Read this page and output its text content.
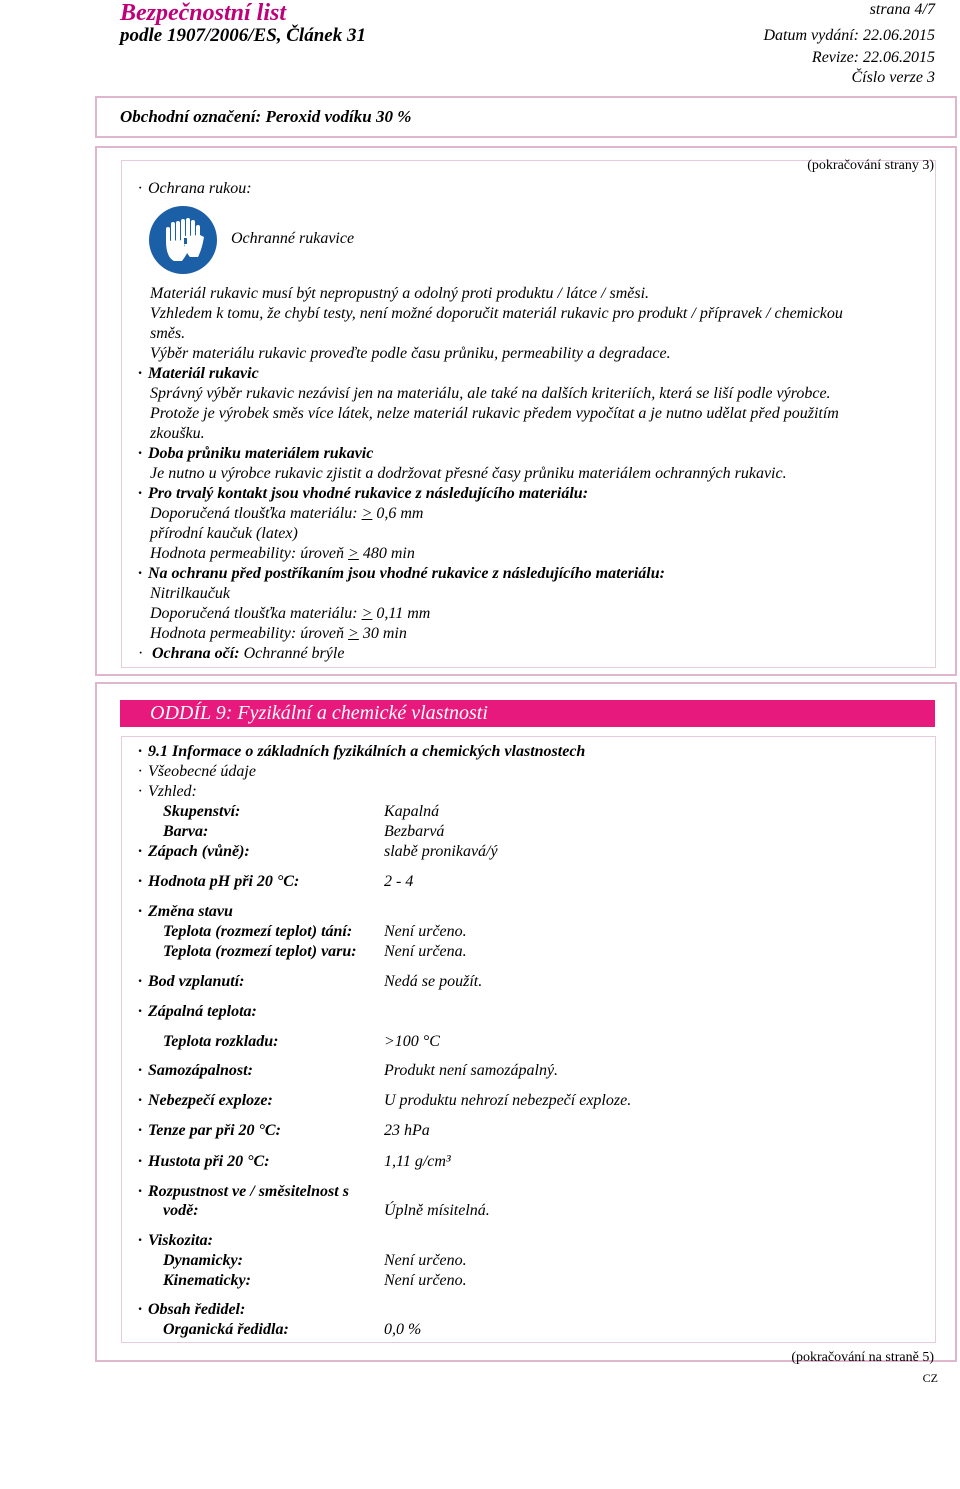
Bezpečnostní list
podle 1907/2006/ES, Článek 31
strana 4/7
Datum vydání: 22.06.2015
Revize: 22.06.2015
Číslo verze 3
Obchodní označení: Peroxid vodíku 30 %
(pokračování strany 3)
· Ochrana rukou:
Ochranné rukavice
Materiál rukavic musí být nepropustný a odolný proti produktu / látce / směsi.
Vzhledem k tomu, že chybí testy, není možné doporučit materiál rukavic pro produkt / přípravek / chemickou
směs.
Výběr materiálu rukavic proveďte podle času průniku, permeability a degradace.
· Materiál rukavic
Správný výběr rukavic nezávisí jen na materiálu, ale také na dalších kriteriích, která se liší podle výrobce.
Protože je výrobek směs více látek, nelze materiál rukavic předem vypočítat a je nutno udělat před použitím
zkoušku.
· Doba průniku materiálem rukavic
Je nutno u výrobce rukavic zjistit a dodržovat přesné časy průniku materiálem ochranných rukavic.
· Pro trvalý kontakt jsou vhodné rukavice z následujícího materiálu:
Doporučená tloušťka materiálu: > 0,6 mm
přírodní kaučuk (latex)
Hodnota permeability: úroveň ≥ 480 min
· Na ochranu před postříkaním jsou vhodné rukavice z následujícího materiálu:
Nitrilkaučuk
Doporučená tloušťka materiálu: > 0,11 mm
Hodnota permeability: úroveň ≥ 30 min
· Ochrana očí: Ochranné brýle
ODDÍL 9: Fyzikální a chemické vlastnosti
· 9.1 Informace o základních fyzikálních a chemických vlastnostech
· Všeobecné údaje
· Vzhled:
Skupenství:	Kapalná
Barva:	Bezbarvá
· Zápach (vůně):	slabě pronikavá/ý
· Hodnota pH při 20 °C:	2 - 4
· Změna stavu
Teplota (rozmezí teplot) tání: Není určeno.
Teplota (rozmezí teplot) varu: Není určena.
· Bod vzplanutí:	Nedá se použít.
· Zápalná teplota:
Teplota rozkladu:	>100 °C
· Samozápalnost:	Produkt není samozápalný.
· Nebezpečí exploze:	U produktu nehrozí nebezpečí exploze.
· Tenze par při 20 °C:	23 hPa
· Hustota při 20 °C:	1,11 g/cm³
· Rozpustnost ve / směsitelnost s
vodě:	Úplně mísitelná.
· Viskozita:
Dynamicky:	Není určeno.
Kinematicky:	Není určeno.
· Obsah ředidel:
Organická ředidla:	0,0 %
(pokračování na straně 5)
CZ
